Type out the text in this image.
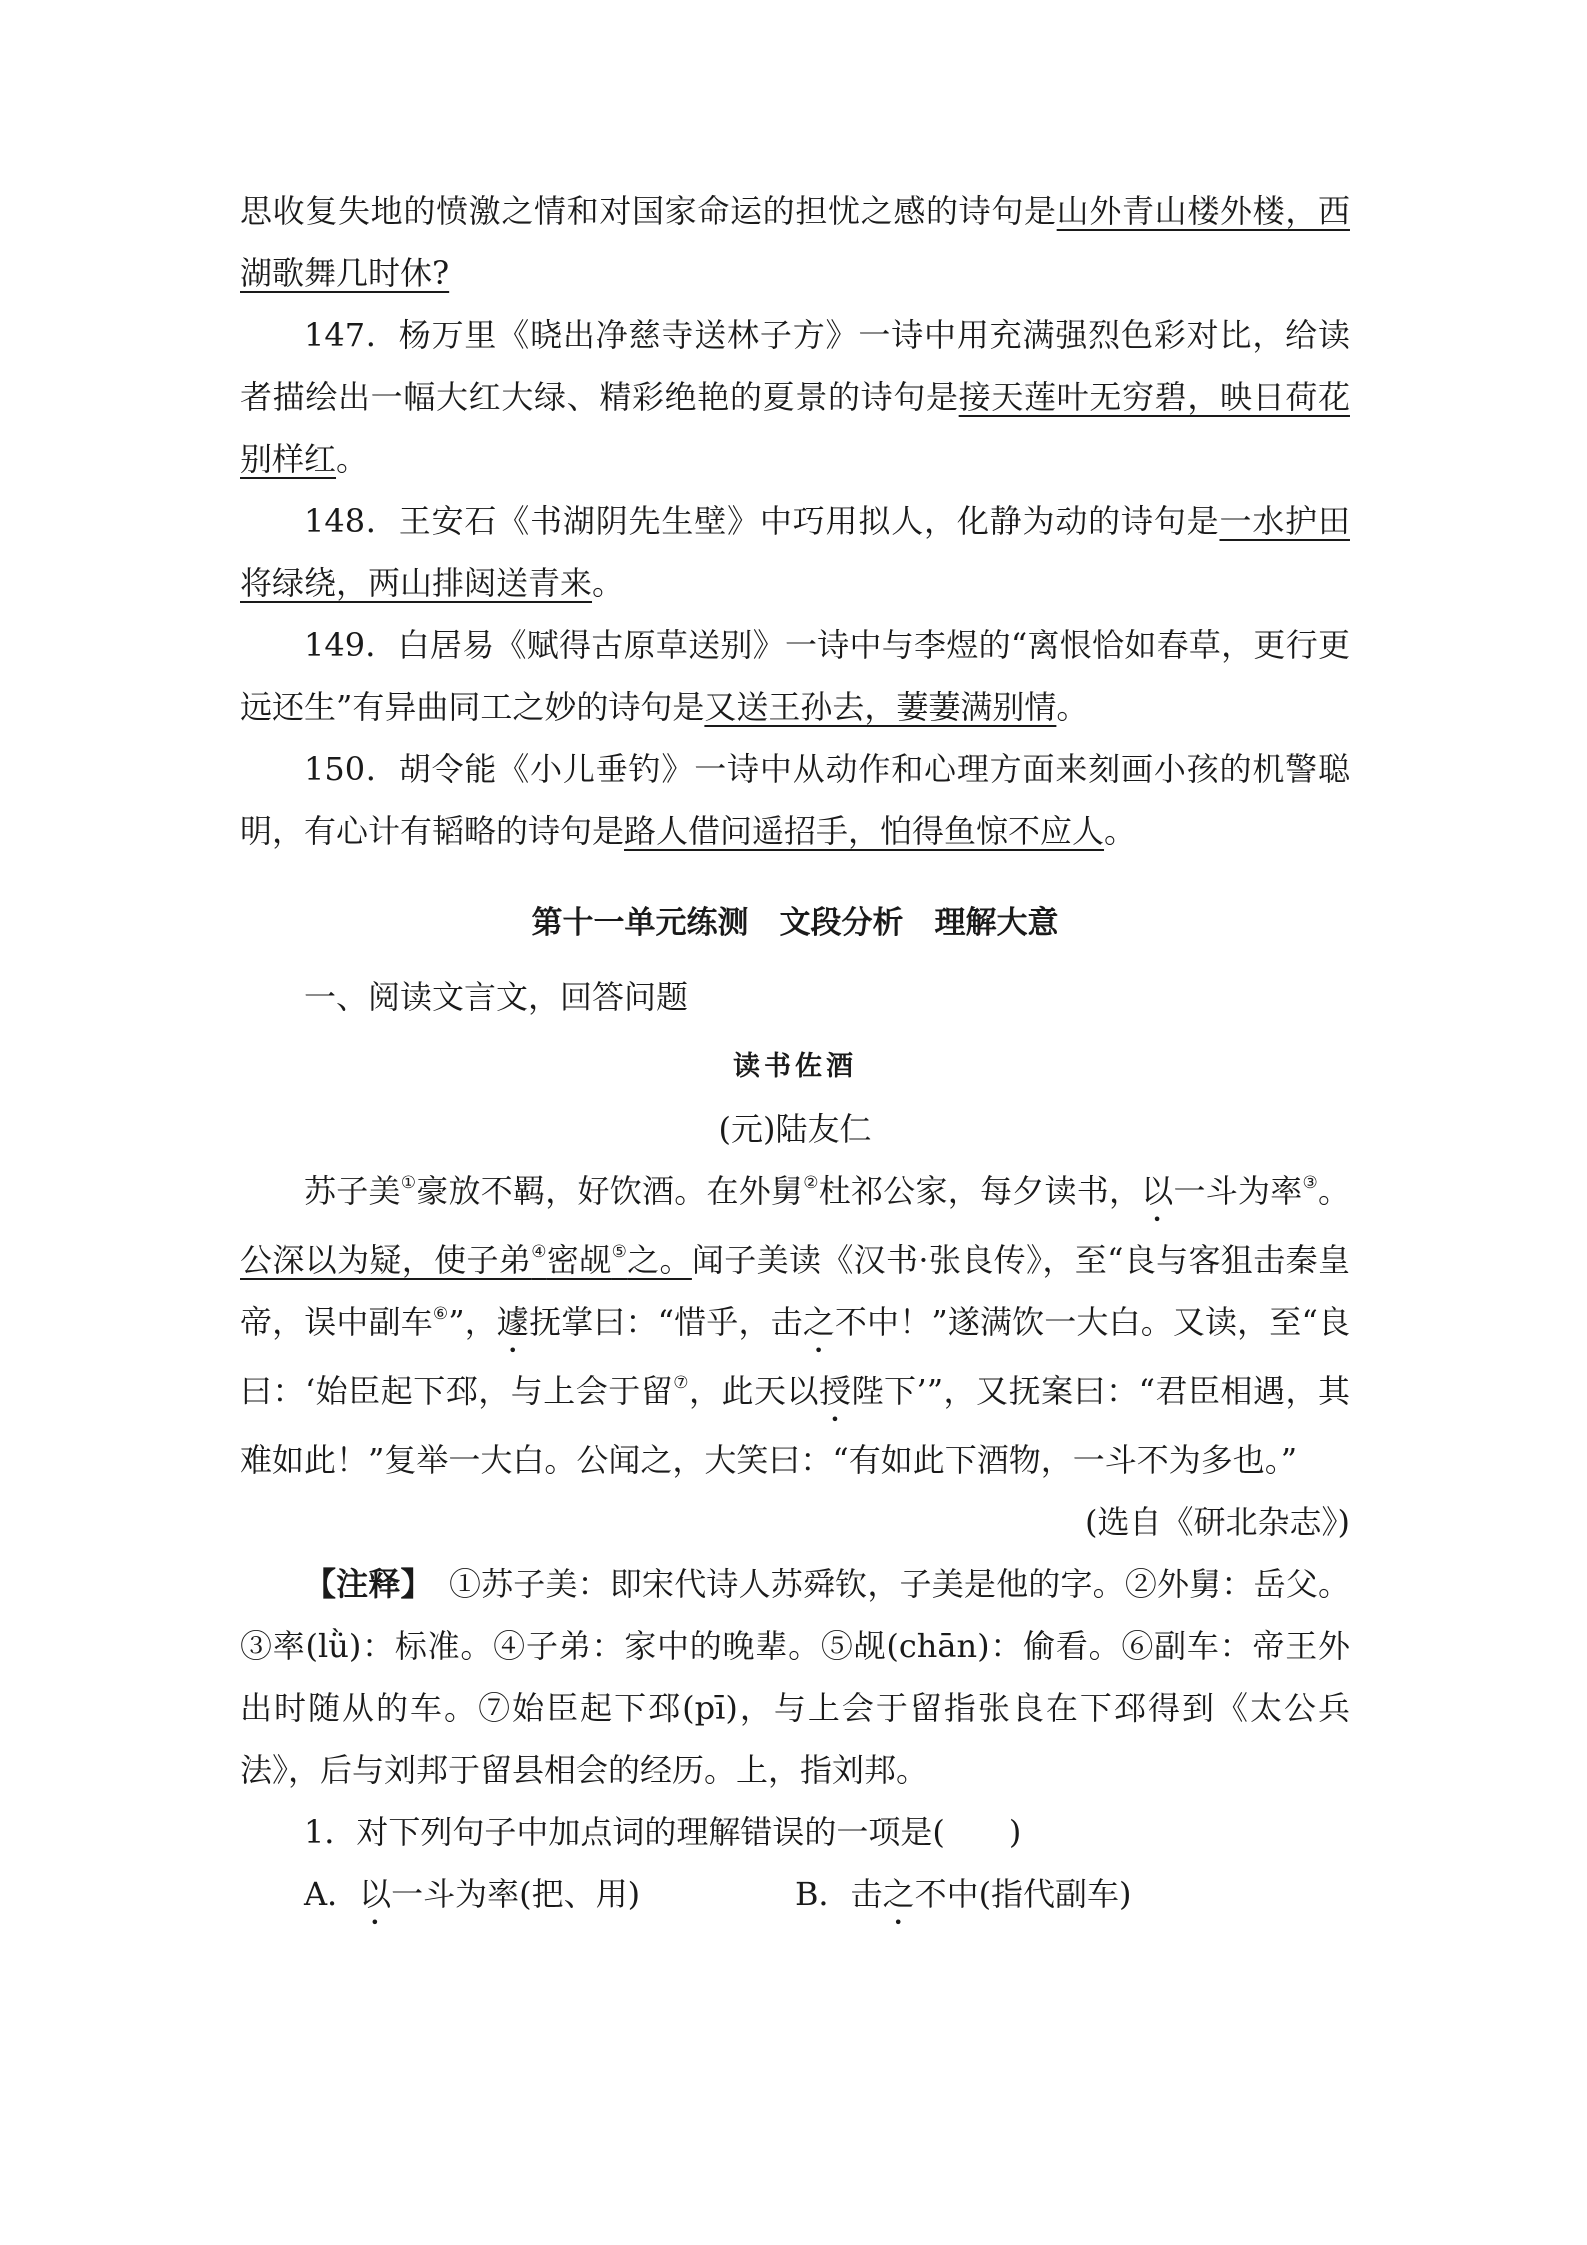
思收复失地的愤激之情和对国家命运的担忧之感的诗句是山外青山楼外楼，西湖歌舞几时休?

147．杨万里《晓出净慈寺送林子方》一诗中用充满强烈色彩对比，给读者描绘出一幅大红大绿、精彩绝艳的夏景的诗句是接天莲叶无穷碧，映日荷花别样红。

148．王安石《书湖阴先生壁》中巧用拟人，化静为动的诗句是一水护田将绿绕，两山排闼送青来。

149．白居易《赋得古原草送别》一诗中与李煜的“离恨恰如春草，更行更远还生”有异曲同工之妙的诗句是又送王孙去，萋萋满别情。

150．胡令能《小儿垂钓》一诗中从动作和心理方面来刻画小孩的机警聪明，有心计有韬略的诗句是路人借问遥招手，怕得鱼惊不应人。

第十一单元练测　文段分析　理解大意

一、阅读文言文，回答问题

读书佐酒
(元)陆友仁

苏子美①豪放不羁，好饮酒。在外舅②杜祁公家，每夕读书，以一斗为率③。公深以为疑，使子弟④密觇⑤之。闻子美读《汉书·张良传》，至“良与客狙击秦皇帝，误中副车⑥”，遽抚掌曰：“惜乎，击之不中！”遂满饮一大白。又读，至“良曰：‘始臣起下邳，与上会于留⑦，此天以授陛下’”，又抚案曰：“君臣相遇，其难如此！”复举一大白。公闻之，大笑曰：“有如此下酒物，一斗不为多也。”

(选自《研北杂志》)

【注释】　 ①苏子美：即宋代诗人苏舜钦，子美是他的字。②外舅：岳父。③率(lǜ)：标准。④子弟：家中的晚辈。⑤觇(chān)：偷看。⑥副车：帝王外出时随从的车。⑦始臣起下邳(pī)，与上会于留指张良在下邳得到《太公兵法》，后与刘邦于留县相会的经历。上，指刘邦。

1．对下列句子中加点词的理解错误的一项是(　　)

A．以一斗为率(把、用)	B．击之不中(指代副车)
